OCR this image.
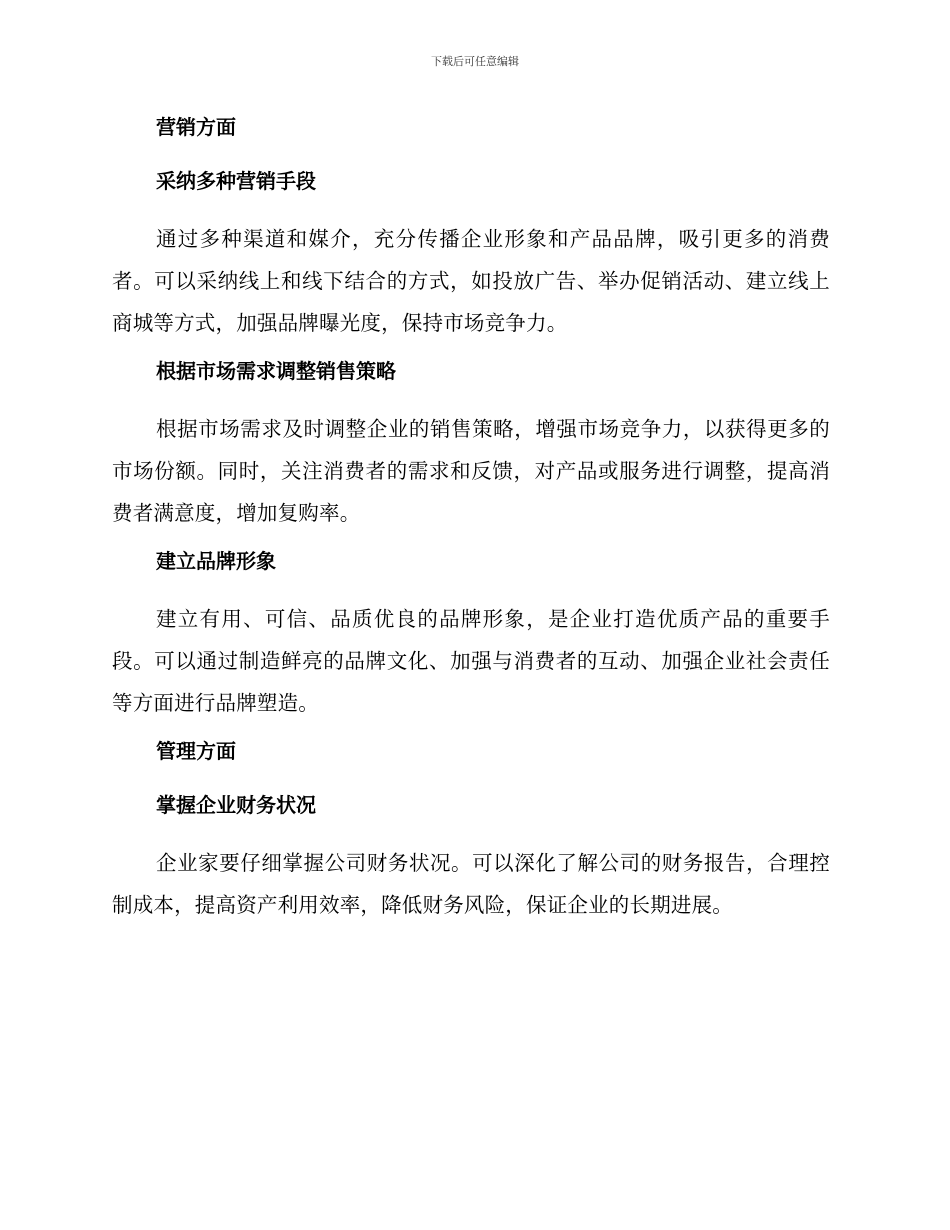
下载后可任意编辑
营销方面
采纳多种营销手段

通过多种渠道和媒介，充分传播企业形象和产品品牌，吸引更多的消费者。可以采纳线上和线下结合的方式，如投放广告、举办促销活动、建立线上商城等方式，加强品牌曝光度，保持市场竞争力。

根据市场需求调整销售策略

根据市场需求及时调整企业的销售策略，增强市场竞争力，以获得更多的市场份额。同时，关注消费者的需求和反馈，对产品或服务进行调整，提高消费者满意度，增加复购率。

建立品牌形象

建立有用、可信、品质优良的品牌形象，是企业打造优质产品的重要手段。可以通过制造鲜亮的品牌文化、加强与消费者的互动、加强企业社会责任等方面进行品牌塑造。

管理方面
掌握企业财务状况

企业家要仔细掌握公司财务状况。可以深化了解公司的财务报告，合理控制成本，提高资产利用效率，降低财务风险，保证企业的长期进展。
